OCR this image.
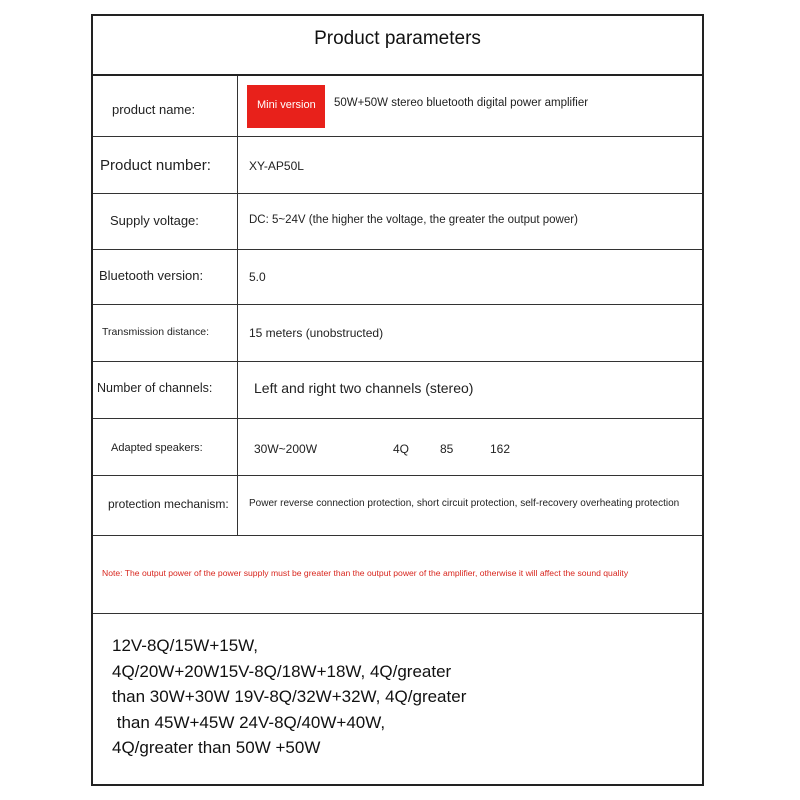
Product parameters
product name:	Mini version 50W+50W stereo bluetooth digital power amplifier
Product number:	XY-AP50L
Supply voltage:	DC: 5~24V (the higher the voltage, the greater the output power)
Bluetooth version:	5.0
Transmission distance:	15 meters (unobstructed)
Number of channels:	Left and right two channels (stereo)
Adapted speakers:	30W~200W	4Q	85	162
protection mechanism: Power reverse connection protection, short circuit protection, self-recovery overheating protection
Note: The output power of the power supply must be greater than the output power of the amplifier, otherwise it will affect the sound quality
12V-8Q/15W+15W,
4Q/20W+20W15V-8Q/18W+18W, 4Q/greater
than 30W+30W 19V-8Q/32W+32W, 4Q/greater
than 45W+45W 24V-8Q/40W+40W,
4Q/greater than 50W +50W
